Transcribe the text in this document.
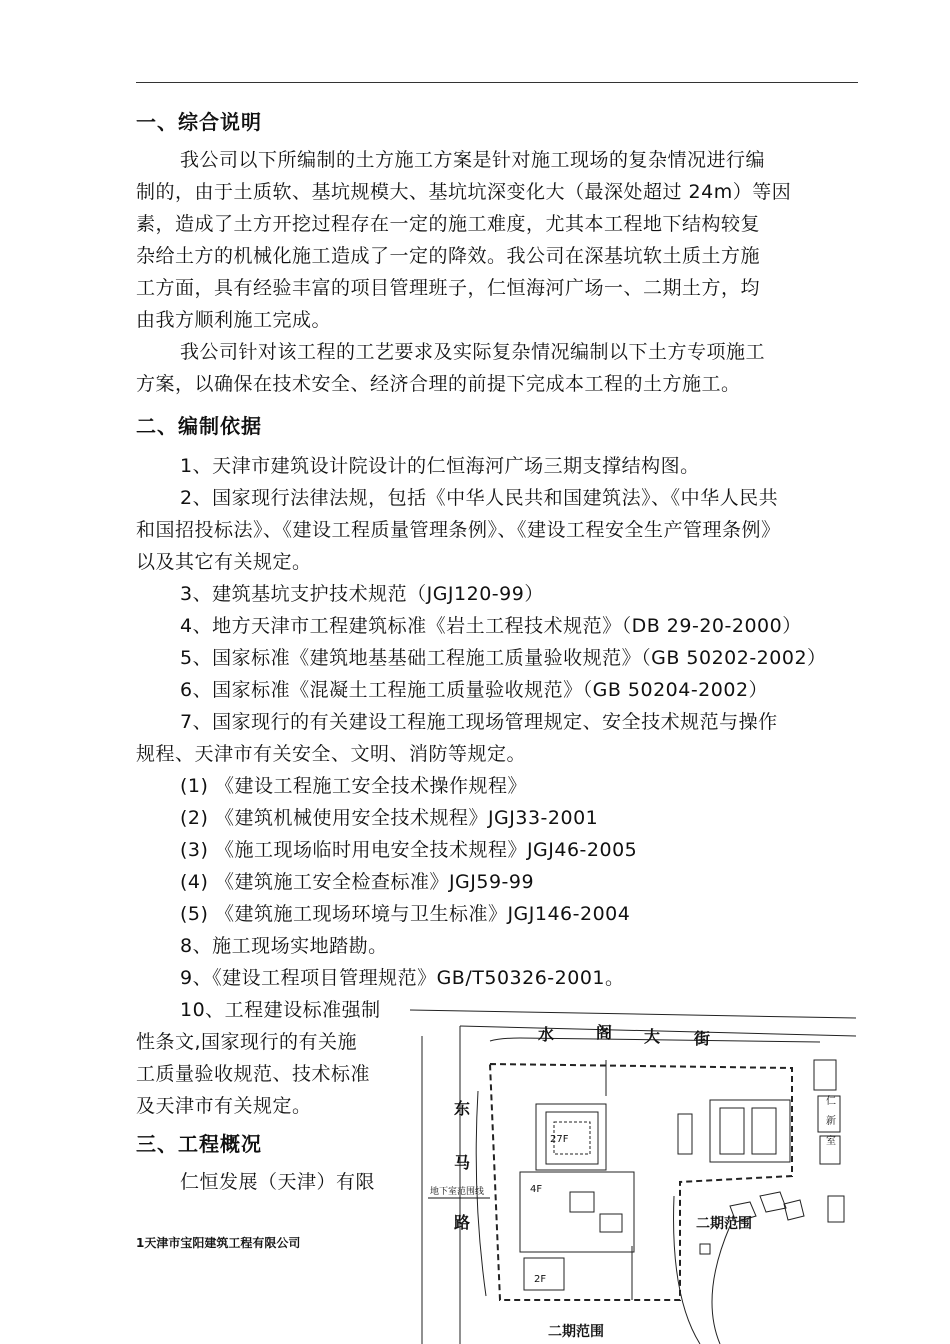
一、综合说明
我公司以下所编制的土方施工方案是针对施工现场的复杂情况进行编
制的，由于土质软、基坑规模大、基坑坑深变化大（最深处超过 24m）等因
素，造成了土方开挖过程存在一定的施工难度，尤其本工程地下结构较复
杂给土方的机械化施工造成了一定的降效。我公司在深基坑软土质土方施
工方面，具有经验丰富的项目管理班子，仁恒海河广场一、二期土方，均
由我方顺利施工完成。
我公司针对该工程的工艺要求及实际复杂情况编制以下土方专项施工
方案，以确保在技术安全、经济合理的前提下完成本工程的土方施工。
二、编制依据
1、天津市建筑设计院设计的仁恒海河广场三期支撑结构图。
2、国家现行法律法规，包括《中华人民共和国建筑法》、《中华人民共
和国招投标法》、《建设工程质量管理条例》、《建设工程安全生产管理条例》
以及其它有关规定。
3、建筑基坑支护技术规范（JGJ120-99）
4、地方天津市工程建筑标准《岩土工程技术规范》（DB 29-20-2000）
5、国家标准《建筑地基基础工程施工质量验收规范》（GB 50202-2002）
6、国家标准《混凝土工程施工质量验收规范》（GB 50204-2002）
7、国家现行的有关建设工程施工现场管理规定、安全技术规范与操作
规程、天津市有关安全、文明、消防等规定。
(1) 《建设工程施工安全技术操作规程》
(2) 《建筑机械使用安全技术规程》JGJ33-2001
(3) 《施工现场临时用电安全技术规程》JGJ46-2005
(4) 《建筑施工安全检查标准》JGJ59-99
(5) 《建筑施工现场环境与卫生标准》JGJ146-2004
8、施工现场实地踏勘。
9、《建设工程项目管理规范》GB/T50326-2001。
10、工程建设标准强制
性条文,国家现行的有关施
工质量验收规范、技术标准
及天津市有关规定。
三、工程概况
仁恒发展（天津）有限
1天津市宝阳建筑工程有限公司
水	阁 大 街
东
马
路
仁
新
室
27F
4F
2F
地下室范围线
二期范围
二期范围
